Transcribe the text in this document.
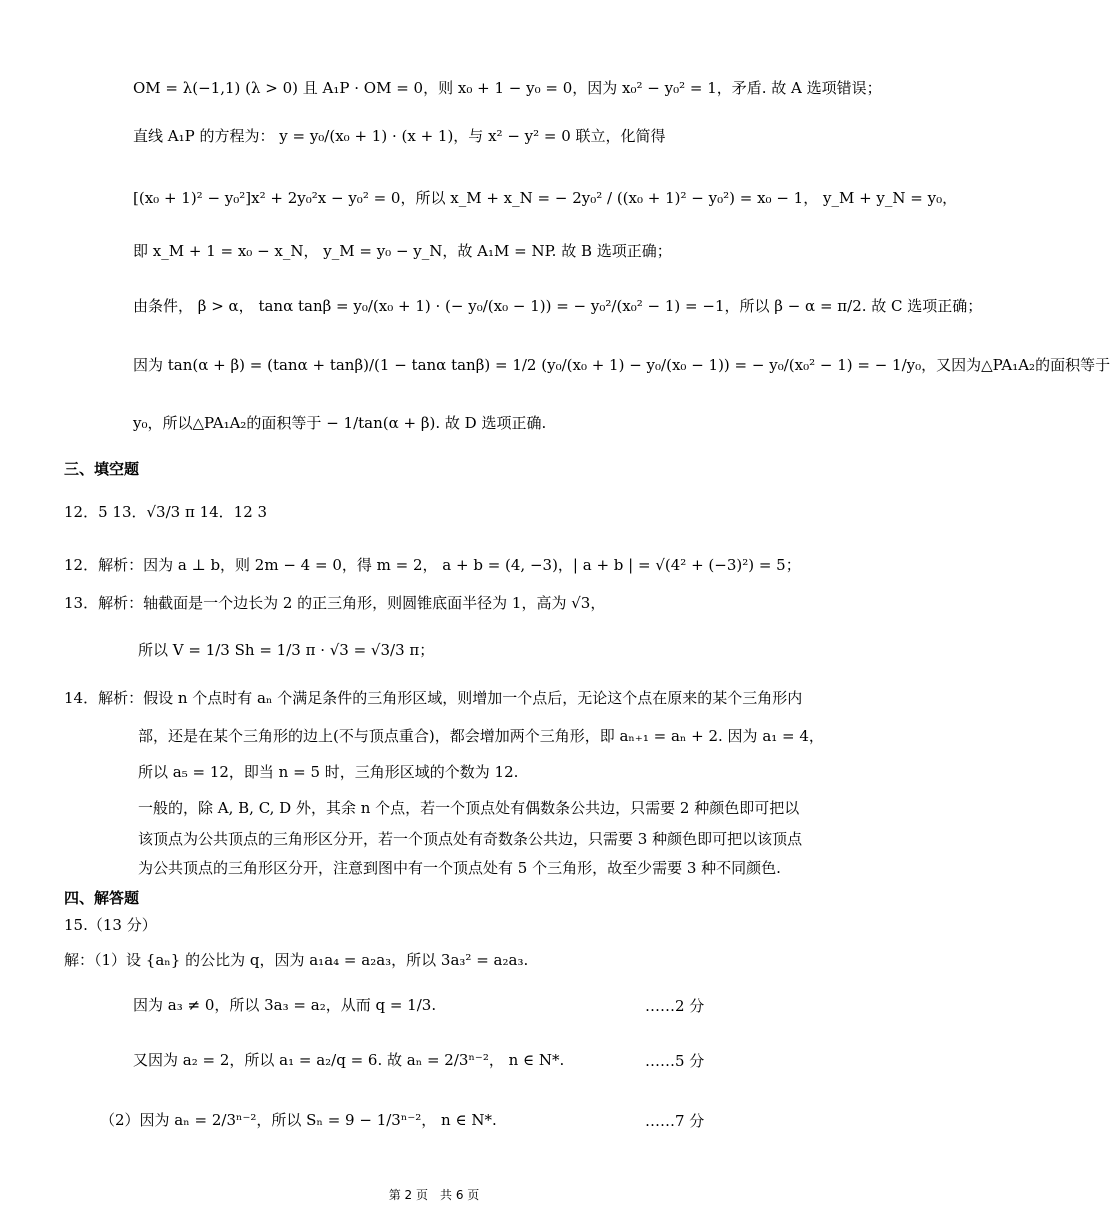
OM = λ(−1,1) (λ > 0) 且 A₁P · OM = 0，则 x₀ + 1 − y₀ = 0，因为 x₀² − y₀² = 1，矛盾. 故 A 选项错误；
直线 A₁P 的方程为： y = y₀/(x₀ + 1) · (x + 1)，与 x² − y² = 0 联立，化简得
[(x₀ + 1)² − y₀²]x² + 2y₀²x − y₀² = 0，所以 x_M + x_N = − 2y₀² / ((x₀ + 1)² − y₀²) = x₀ − 1， y_M + y_N = y₀，
即 x_M + 1 = x₀ − x_N， y_M = y₀ − y_N，故 A₁M = NP. 故 B 选项正确；
由条件， β > α， tanα tanβ = y₀/(x₀ + 1) · (− y₀/(x₀ − 1)) = − y₀²/(x₀² − 1) = −1，所以 β − α = π/2. 故 C 选项正确；
因为 tan(α + β) = (tanα + tanβ)/(1 − tanα tanβ) = 1/2 (y₀/(x₀ + 1) − y₀/(x₀ − 1)) = − y₀/(x₀² − 1) = − 1/y₀，又因为△PA₁A₂的面积等于
y₀，所以△PA₁A₂的面积等于 − 1/tan(α + β). 故 D 选项正确.
三、填空题
12．5 13．√3/3 π 14．12 3
12．解析：因为 a ⊥ b，则 2m − 4 = 0，得 m = 2， a + b = (4, −3)，| a + b | = √(4² + (−3)²) = 5；
13．解析：轴截面是一个边长为 2 的正三角形，则圆锥底面半径为 1，高为 √3，
所以 V = 1/3 Sh = 1/3 π · √3 = √3/3 π；
14．解析：假设 n 个点时有 aₙ 个满足条件的三角形区域，则增加一个点后，无论这个点在原来的某个三角形内
部，还是在某个三角形的边上(不与顶点重合)，都会增加两个三角形，即 aₙ₊₁ = aₙ + 2. 因为 a₁ = 4，
所以 a₅ = 12，即当 n = 5 时，三角形区域的个数为 12.
一般的，除 A, B, C, D 外，其余 n 个点，若一个顶点处有偶数条公共边，只需要 2 种颜色即可把以
该顶点为公共顶点的三角形区分开，若一个顶点处有奇数条公共边，只需要 3 种颜色即可把以该顶点
为公共顶点的三角形区分开，注意到图中有一个顶点处有 5 个三角形，故至少需要 3 种不同颜色.
四、解答题
15.（13 分）
解：（1）设 {aₙ} 的公比为 q，因为 a₁a₄ = a₂a₃，所以 3a₃² = a₂a₃.
因为 a₃ ≠ 0，所以 3a₃ = a₂，从而 q = 1/3.	……2 分
又因为 a₂ = 2，所以 a₁ = a₂/q = 6. 故 aₙ = 2/3ⁿ⁻²， n ∈ N*.	……5 分
（2）因为 aₙ = 2/3ⁿ⁻²，所以 Sₙ = 9 − 1/3ⁿ⁻²， n ∈ N*.	……7 分
第 2 页　共 6 页
